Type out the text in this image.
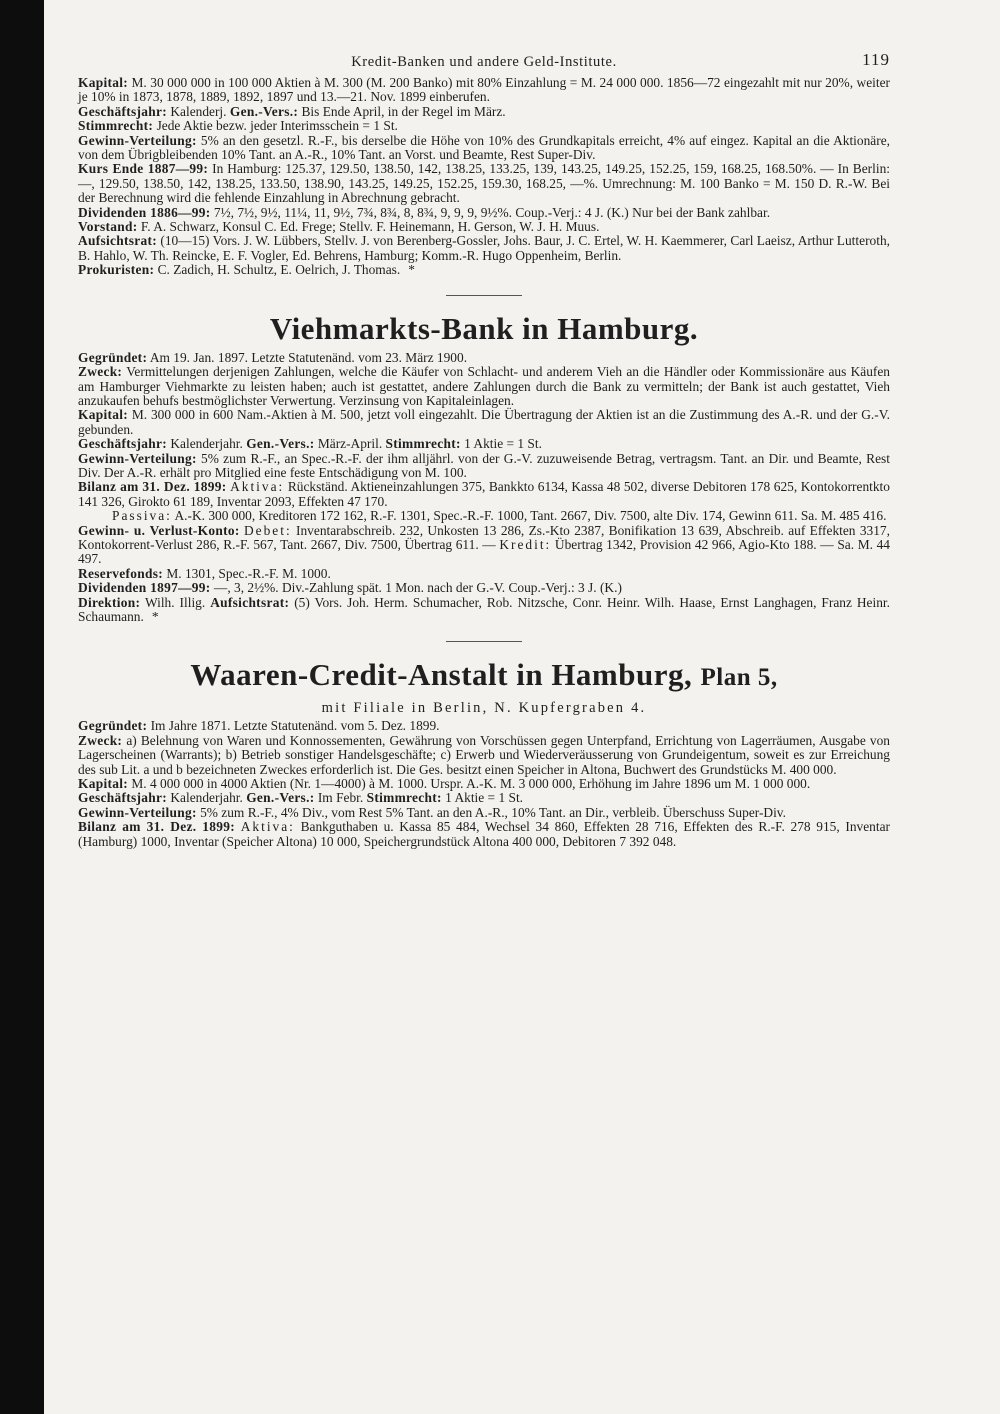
Kredit-Banken und andere Geld-Institute.	119

Kapital: M. 30 000 000 in 100 000 Aktien à M. 300 (M. 200 Banko) mit 80% Einzahlung = M. 24 000 000. 1856—72 eingezahlt mit nur 20%, weiter je 10% in 1873, 1878, 1889, 1892, 1897 und 13.—21. Nov. 1899 einberufen.

Geschäftsjahr: Kalenderj. Gen.-Vers.: Bis Ende April, in der Regel im März.

Stimmrecht: Jede Aktie bezw. jeder Interimsschein = 1 St.

Gewinn-Verteilung: 5% an den gesetzl. R.-F., bis derselbe die Höhe von 10% des Grundkapitals erreicht, 4% auf eingez. Kapital an die Aktionäre, von dem Übrigbleibenden 10% Tant. an A.-R., 10% Tant. an Vorst. und Beamte, Rest Super-Div.

Kurs Ende 1887—99: In Hamburg: 125.37, 129.50, 138.50, 142, 138.25, 133.25, 139, 143.25, 149.25, 152.25, 159, 168.25, 168.50%. — In Berlin: —, 129.50, 138.50, 142, 138.25, 133.50, 138.90, 143.25, 149.25, 152.25, 159.30, 168.25, —%. Umrechnung: M. 100 Banko = M. 150 D. R.-W. Bei der Berechnung wird die fehlende Einzahlung in Abrechnung gebracht.

Dividenden 1886—99: 7½, 7½, 9½, 11¼, 11, 9½, 7¾, 8¾, 8, 8¾, 9, 9, 9, 9½%. Coup.-Verj.: 4 J. (K.) Nur bei der Bank zahlbar.

Vorstand: F. A. Schwarz, Konsul C. Ed. Frege; Stellv. F. Heinemann, H. Gerson, W. J. H. Muus.

Aufsichtsrat: (10—15) Vors. J. W. Lübbers, Stellv. J. von Berenberg-Gossler, Johs. Baur, J. C. Ertel, W. H. Kaemmerer, Carl Laeisz, Arthur Lutteroth, B. Hahlo, W. Th. Reincke, E. F. Vogler, Ed. Behrens, Hamburg; Komm.-R. Hugo Oppenheim, Berlin.

Prokuristen: C. Zadich, H. Schultz, E. Oelrich, J. Thomas. *

Viehmarkts-Bank in Hamburg.

Gegründet: Am 19. Jan. 1897. Letzte Statutenänd. vom 23. März 1900.

Zweck: Vermittelungen derjenigen Zahlungen, welche die Käufer von Schlacht- und anderem Vieh an die Händler oder Kommissionäre aus Käufen am Hamburger Viehmarkte zu leisten haben; auch ist gestattet, andere Zahlungen durch die Bank zu vermitteln; der Bank ist auch gestattet, Vieh anzukaufen behufs bestmöglichster Verwertung. Verzinsung von Kapitaleinlagen.

Kapital: M. 300 000 in 600 Nam.-Aktien à M. 500, jetzt voll eingezahlt. Die Übertragung der Aktien ist an die Zustimmung des A.-R. und der G.-V. gebunden.

Geschäftsjahr: Kalenderjahr. Gen.-Vers.: März-April. Stimmrecht: 1 Aktie = 1 St.

Gewinn-Verteilung: 5% zum R.-F., an Spec.-R.-F. der ihm alljährl. von der G.-V. zuzuweisende Betrag, vertragsm. Tant. an Dir. und Beamte, Rest Div. Der A.-R. erhält pro Mitglied eine feste Entschädigung von M. 100.

Bilanz am 31. Dez. 1899: Aktiva: Rückständ. Aktieneinzahlungen 375, Bankkto 6134, Kassa 48 502, diverse Debitoren 178 625, Kontokorrentkto 141 326, Girokto 61 189, Inventar 2093, Effekten 47 170.

Passiva: A.-K. 300 000, Kreditoren 172 162, R.-F. 1301, Spec.-R.-F. 1000, Tant. 2667, Div. 7500, alte Div. 174, Gewinn 611. Sa. M. 485 416.

Gewinn- u. Verlust-Konto: Debet: Inventarabschreib. 232, Unkosten 13 286, Zs.-Kto 2387, Bonifikation 13 639, Abschreib. auf Effekten 3317, Kontokorrent-Verlust 286, R.-F. 567, Tant. 2667, Div. 7500, Übertrag 611. — Kredit: Übertrag 1342, Provision 42 966, Agio-Kto 188. — Sa. M. 44 497.

Reservefonds: M. 1301, Spec.-R.-F. M. 1000.

Dividenden 1897—99: —, 3, 2½%. Div.-Zahlung spät. 1 Mon. nach der G.-V. Coup.-Verj.: 3 J. (K.)

Direktion: Wilh. Illig. Aufsichtsrat: (5) Vors. Joh. Herm. Schumacher, Rob. Nitzsche, Conr. Heinr. Wilh. Haase, Ernst Langhagen, Franz Heinr. Schaumann. *

Waaren-Credit-Anstalt in Hamburg, Plan 5,

mit Filiale in Berlin, N. Kupfergraben 4.

Gegründet: Im Jahre 1871. Letzte Statutenänd. vom 5. Dez. 1899.

Zweck: a) Belehnung von Waren und Konnossementen, Gewährung von Vorschüssen gegen Unterpfand, Errichtung von Lagerräumen, Ausgabe von Lagerscheinen (Warrants); b) Betrieb sonstiger Handelsgeschäfte; c) Erwerb und Wiederveräusserung von Grundeigentum, soweit es zur Erreichung des sub Lit. a und b bezeichneten Zweckes erforderlich ist. Die Ges. besitzt einen Speicher in Altona, Buchwert des Grundstücks M. 400 000.

Kapital: M. 4 000 000 in 4000 Aktien (Nr. 1—4000) à M. 1000. Urspr. A.-K. M. 3 000 000, Erhöhung im Jahre 1896 um M. 1 000 000.

Geschäftsjahr: Kalenderjahr. Gen.-Vers.: Im Febr. Stimmrecht: 1 Aktie = 1 St.

Gewinn-Verteilung: 5% zum R.-F., 4% Div., vom Rest 5% Tant. an den A.-R., 10% Tant. an Dir., verbleib. Überschuss Super-Div.

Bilanz am 31. Dez. 1899: Aktiva: Bankguthaben u. Kassa 85 484, Wechsel 34 860, Effekten 28 716, Effekten des R.-F. 278 915, Inventar (Hamburg) 1000, Inventar (Speicher Altona) 10 000, Speichergrundstück Altona 400 000, Debitoren 7 392 048.
